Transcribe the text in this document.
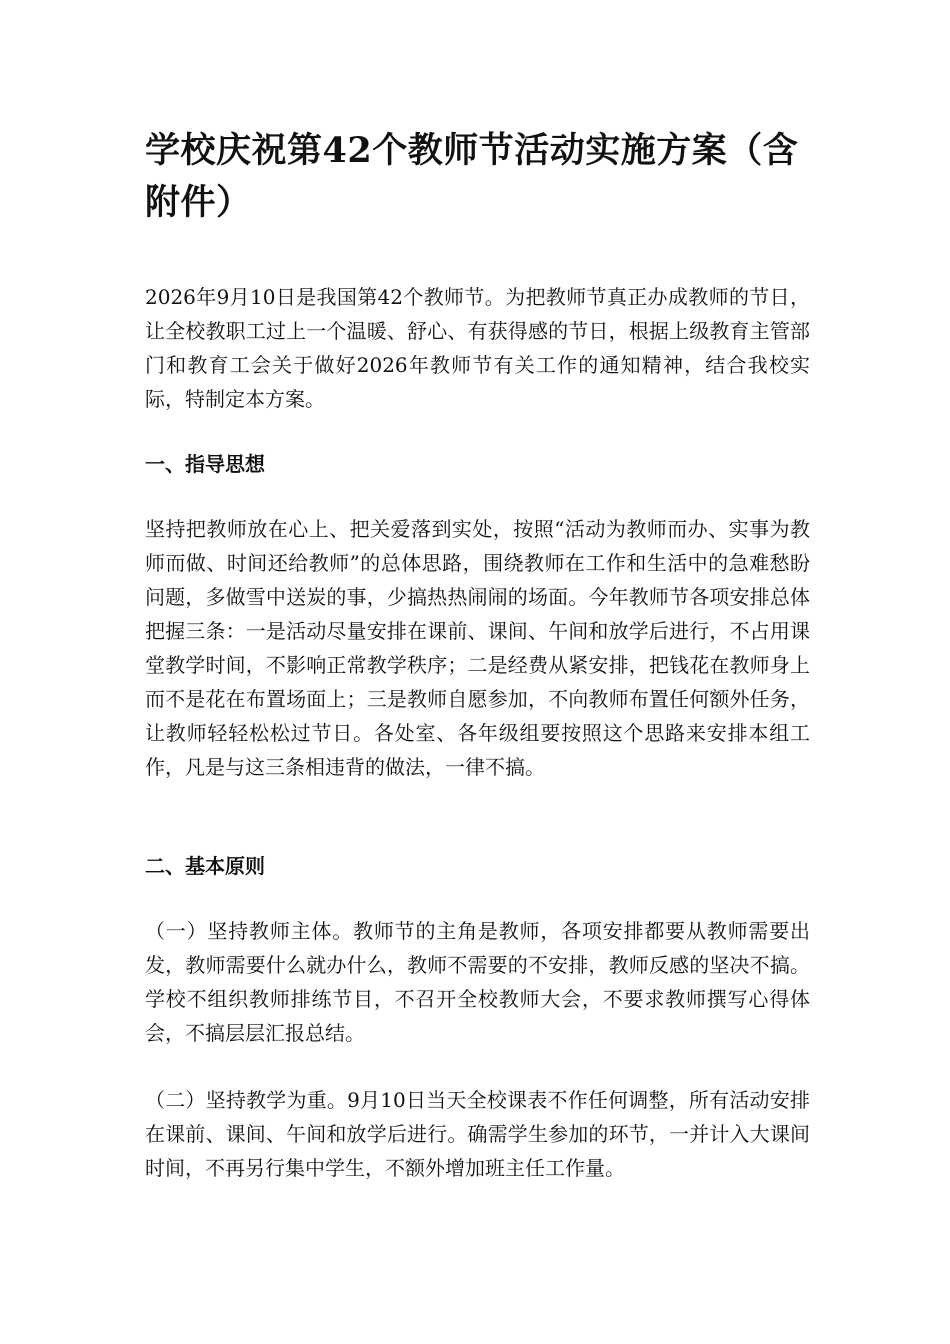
学校庆祝第42个教师节活动实施方案（含附件）

2026年9月10日是我国第42个教师节。为把教师节真正办成教师的节日，让全校教职工过上一个温暖、舒心、有获得感的节日，根据上级教育主管部门和教育工会关于做好2026年教师节有关工作的通知精神，结合我校实际，特制定本方案。

一、指导思想

坚持把教师放在心上、把关爱落到实处，按照“活动为教师而办、实事为教师而做、时间还给教师”的总体思路，围绕教师在工作和生活中的急难愁盼问题，多做雪中送炭的事，少搞热热闹闹的场面。今年教师节各项安排总体把握三条：一是活动尽量安排在课前、课间、午间和放学后进行，不占用课堂教学时间，不影响正常教学秩序；二是经费从紧安排，把钱花在教师身上而不是花在布置场面上；三是教师自愿参加，不向教师布置任何额外任务，让教师轻轻松松过节日。各处室、各年级组要按照这个思路来安排本组工作，凡是与这三条相违背的做法，一律不搞。

二、基本原则

（一）坚持教师主体。教师节的主角是教师，各项安排都要从教师需要出发，教师需要什么就办什么，教师不需要的不安排，教师反感的坚决不搞。学校不组织教师排练节目，不召开全校教师大会，不要求教师撰写心得体会，不搞层层汇报总结。

（二）坚持教学为重。9月10日当天全校课表不作任何调整，所有活动安排在课前、课间、午间和放学后进行。确需学生参加的环节，一并计入大课间时间，不再另行集中学生，不额外增加班主任工作量。
